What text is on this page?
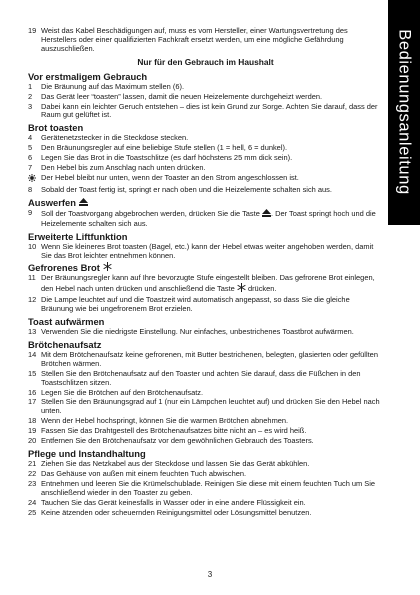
Bedienungsanleitung
19 Weist das Kabel Beschädigungen auf, muss es vom Hersteller, einer Wartungsvertretung des Herstellers oder einer qualifizierten Fachkraft ersetzt werden, um eine mögliche Gefährdung auszuschließen.
Nur für den Gebrauch im Haushalt
Vor erstmaligem Gebrauch
1	Die Bräunung auf das Maximum stellen (6).
2	Das Gerät leer “toasten” lassen, damit die neuen Heizelemente durchgeheizt werden.
3	Dabei kann ein leichter Geruch entstehen – dies ist kein Grund zur Sorge. Achten Sie darauf, dass der Raum gut gelüftet ist.
Brot toasten
4	Gerätenetzstecker in die Steckdose stecken.
5	Den Bräunungsregler auf eine beliebige Stufe stellen (1 = hell, 6 = dunkel).
6	Legen Sie das Brot in die Toastschlitze (es darf höchstens 25 mm dick sein).
7	Den Hebel bis zum Anschlag nach unten drücken.
Der Hebel bleibt nur unten, wenn der Toaster an den Strom angeschlossen ist.
8	Sobald der Toast fertig ist, springt er nach oben und die Heizelemente schalten sich aus.
Auswerfen
9	Soll der Toastvorgang abgebrochen werden, drücken Sie die Taste . Der Toast springt hoch und die Heizelemente schalten sich aus.
Erweiterte Liftfunktion
10 Wenn Sie kleineres Brot toasten (Bagel, etc.) kann der Hebel etwas weiter angehoben werden, damit Sie das Brot leichter entnehmen können.
Gefrorenes Brot
11 Der Bräunungsregler kann auf Ihre bevorzugte Stufe eingestellt bleiben. Das gefrorene Brot einlegen, den Hebel nach unten drücken und anschließend die Taste  drücken.
12 Die Lampe leuchtet auf und die Toastzeit wird automatisch angepasst, so dass Sie die gleiche Bräunung wie bei ungefrorenem Brot erzielen.
Toast aufwärmen
13 Verwenden Sie die niedrigste Einstellung. Nur einfaches, unbestrichenes Toastbrot aufwärmen.
Brötchenaufsatz
14 Mit dem Brötchenaufsatz keine gefrorenen, mit Butter bestrichenen, belegten, glasierten oder gefüllten Brötchen wärmen.
15 Stellen Sie den Brötchenaufsatz auf den Toaster und achten Sie darauf, dass die Füßchen in den Toastschlitzen sitzen.
16 Legen Sie die Brötchen auf den Brötchenaufsatz.
17 Stellen Sie den Bräunungsgrad auf 1 (nur ein Lämpchen leuchtet auf) und drücken Sie den Hebel nach unten.
18 Wenn der Hebel hochspringt, können Sie die warmen Brötchen abnehmen.
19 Fassen Sie das Drahtgestell des Brötchenaufsatzes bitte nicht an – es wird heiß.
20 Entfernen Sie den Brötchenaufsatz vor dem gewöhnlichen Gebrauch des Toasters.
Pflege und Instandhaltung
21 Ziehen Sie das Netzkabel aus der Steckdose und lassen Sie das Gerät abkühlen.
22 Das Gehäuse von außen mit einem feuchten Tuch abwischen.
23 Entnehmen und leeren Sie die Krümelschublade. Reinigen Sie diese mit einem feuchten Tuch um Sie anschließend wieder in den Toaster zu geben.
24 Tauchen Sie das Gerät keinesfalls in Wasser oder in eine andere Flüssigkeit ein.
25 Keine ätzenden oder scheuernden Reinigungsmittel oder Lösungsmittel benutzen.
3
